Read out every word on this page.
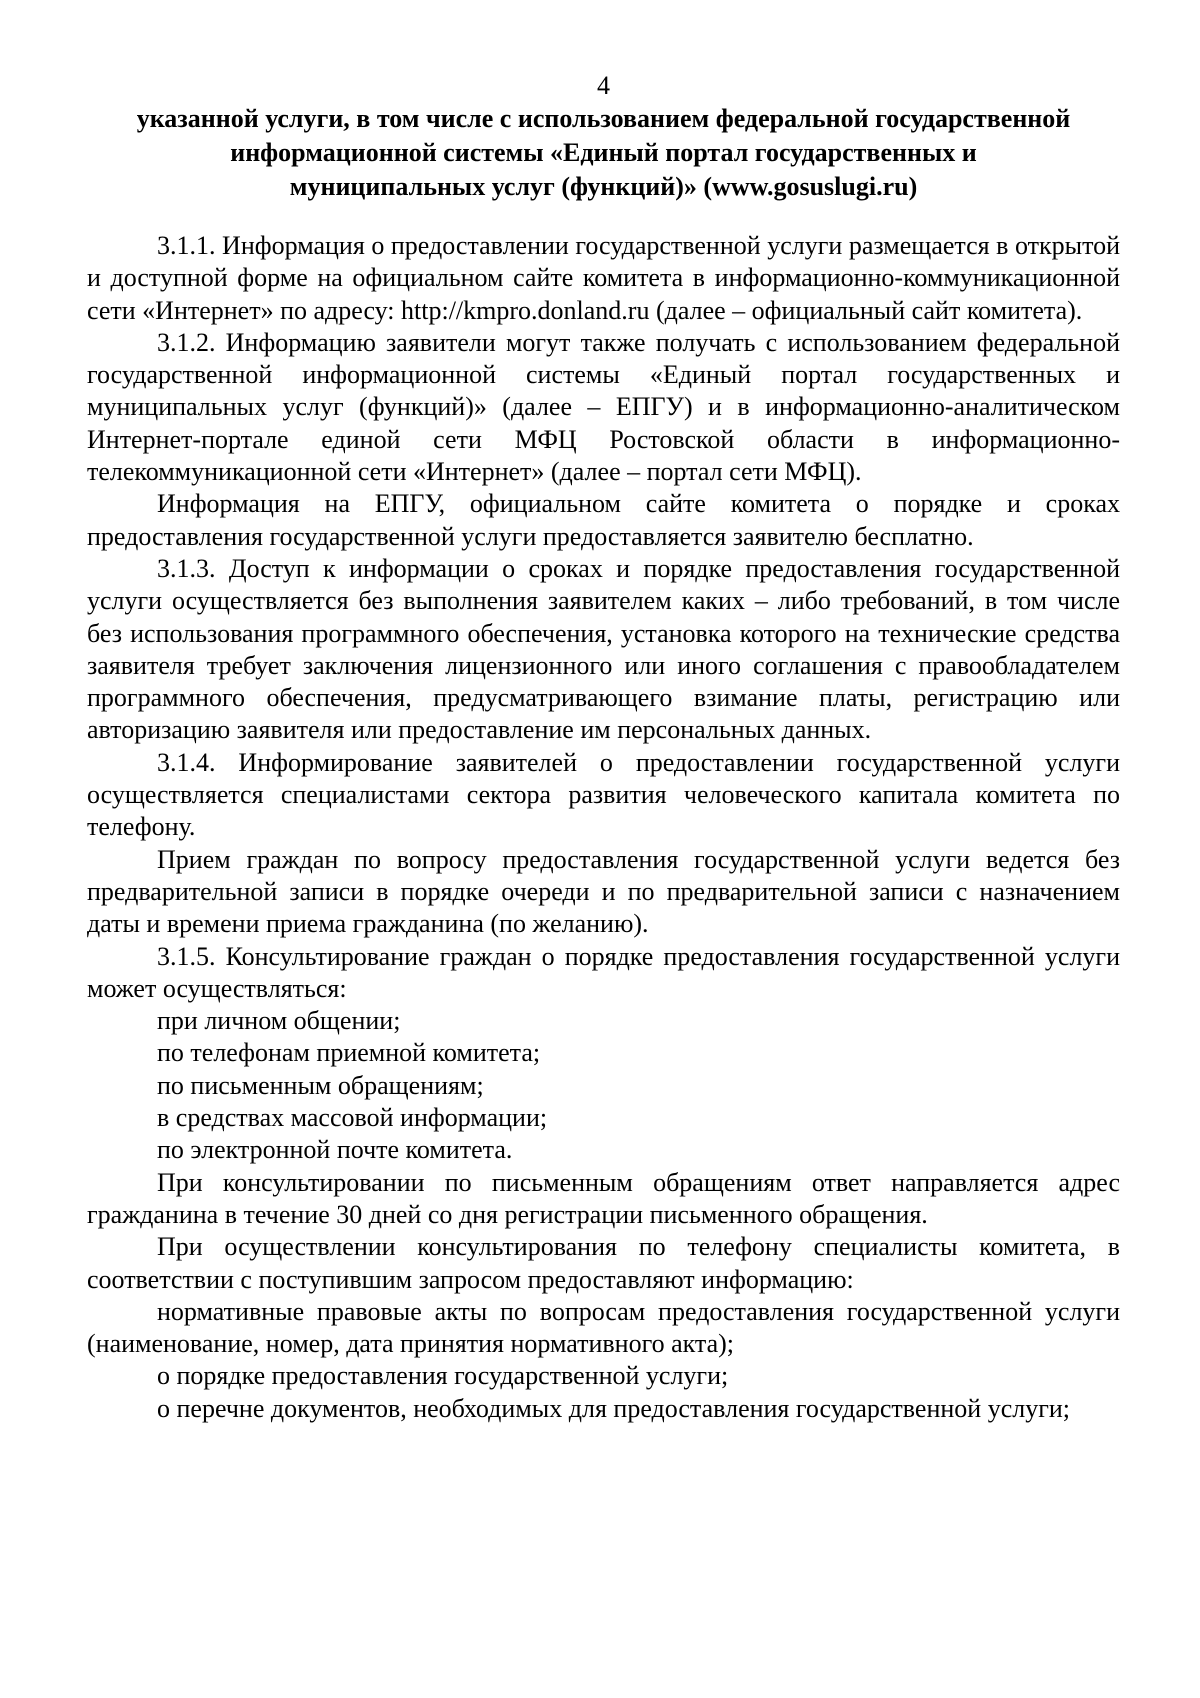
4

указанной услуги, в том числе с использованием федеральной государственной
информационной системы «Единый портал государственных и
муниципальных услуг (функций)» (www.gosuslugi.ru)

3.1.1. Информация о предоставлении государственной услуги размещается в открытой и доступной форме на официальном сайте комитета в информационно-коммуникационной сети «Интернет» по адресу: http://kmpro.donland.ru (далее – официальный сайт комитета).

3.1.2. Информацию заявители могут также получать с использованием федеральной государственной информационной системы «Единый портал государственных и муниципальных услуг (функций)» (далее – ЕПГУ) и в информационно-аналитическом Интернет-портале единой сети МФЦ Ростовской области в информационно-телекоммуникационной сети «Интернет» (далее – портал сети МФЦ).

Информация на ЕПГУ, официальном сайте комитета о порядке и сроках предоставления государственной услуги предоставляется заявителю бесплатно.

3.1.3. Доступ к информации о сроках и порядке предоставления государственной услуги осуществляется без выполнения заявителем каких – либо требований, в том числе без использования программного обеспечения, установка которого на технические средства заявителя требует заключения лицензионного или иного соглашения с правообладателем программного обеспечения, предусматривающего взимание платы, регистрацию или авторизацию заявителя или предоставление им персональных данных.

3.1.4. Информирование заявителей о предоставлении государственной услуги осуществляется специалистами сектора развития человеческого капитала комитета по телефону.

Прием граждан по вопросу предоставления государственной услуги ведется без предварительной записи в порядке очереди и по предварительной записи с назначением даты и времени приема гражданина (по желанию).

3.1.5. Консультирование граждан о порядке предоставления государственной услуги может осуществляться:

при личном общении;

по телефонам приемной комитета;

по письменным обращениям;

в средствах массовой информации;

по электронной почте комитета.

При консультировании по письменным обращениям ответ направляется адрес гражданина в течение 30 дней со дня регистрации письменного обращения.

При осуществлении консультирования по телефону специалисты комитета, в соответствии с поступившим запросом предоставляют информацию:

нормативные правовые акты по вопросам предоставления государственной услуги (наименование, номер, дата принятия нормативного акта);

о порядке предоставления государственной услуги;

о перечне документов, необходимых для предоставления государственной услуги;
